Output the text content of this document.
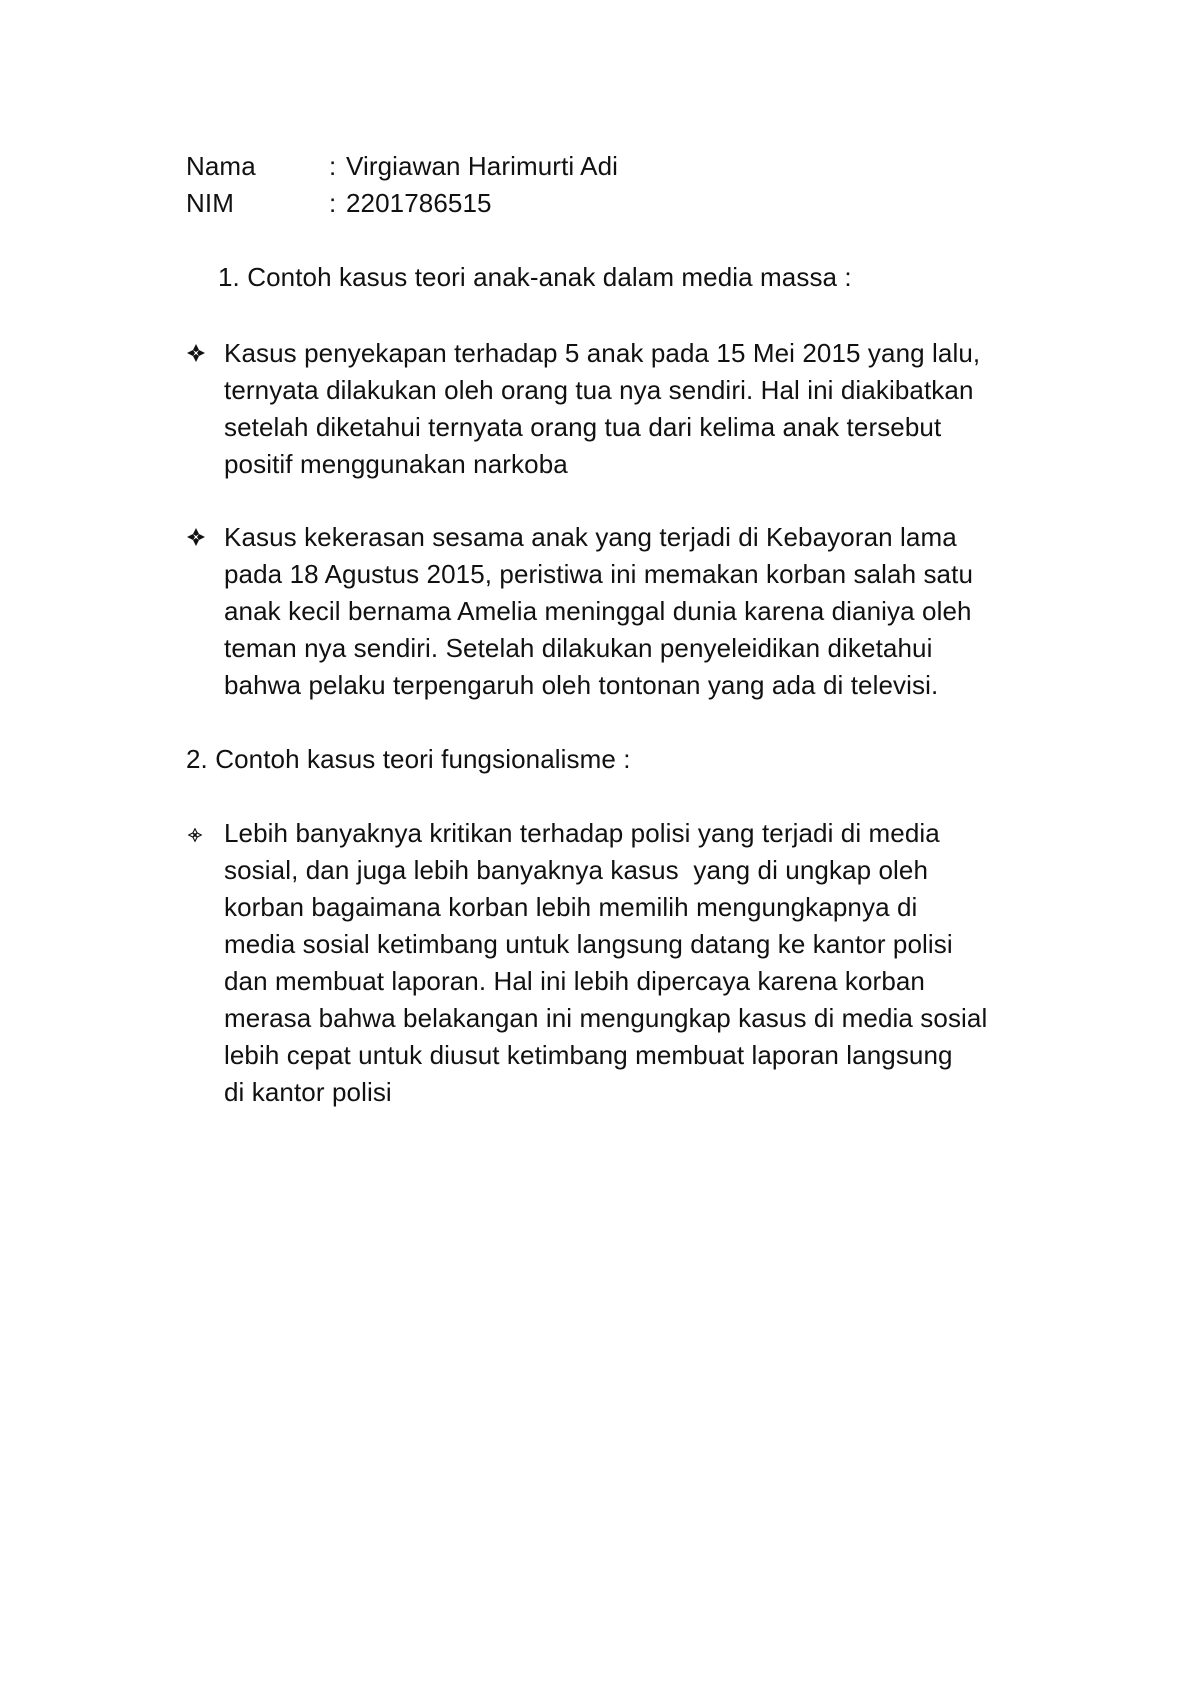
Nama	: Virgiawan Harimurti Adi
NIM	: 2201786515
1. Contoh kasus teori anak-anak dalam media massa :
Kasus penyekapan terhadap 5 anak pada 15 Mei 2015 yang lalu,
ternyata dilakukan oleh orang tua nya sendiri. Hal ini diakibatkan
setelah diketahui ternyata orang tua dari kelima anak tersebut
positif menggunakan narkoba
Kasus kekerasan sesama anak yang terjadi di Kebayoran lama
pada 18 Agustus 2015, peristiwa ini memakan korban salah satu
anak kecil bernama Amelia meninggal dunia karena dianiya oleh
teman nya sendiri. Setelah dilakukan penyeleidikan diketahui
bahwa pelaku terpengaruh oleh tontonan yang ada di televisi.
2. Contoh kasus teori fungsionalisme :
Lebih banyaknya kritikan terhadap polisi yang terjadi di media
sosial, dan juga lebih banyaknya kasus  yang di ungkap oleh
korban bagaimana korban lebih memilih mengungkapnya di
media sosial ketimbang untuk langsung datang ke kantor polisi
dan membuat laporan. Hal ini lebih dipercaya karena korban
merasa bahwa belakangan ini mengungkap kasus di media sosial
lebih cepat untuk diusut ketimbang membuat laporan langsung
di kantor polisi
